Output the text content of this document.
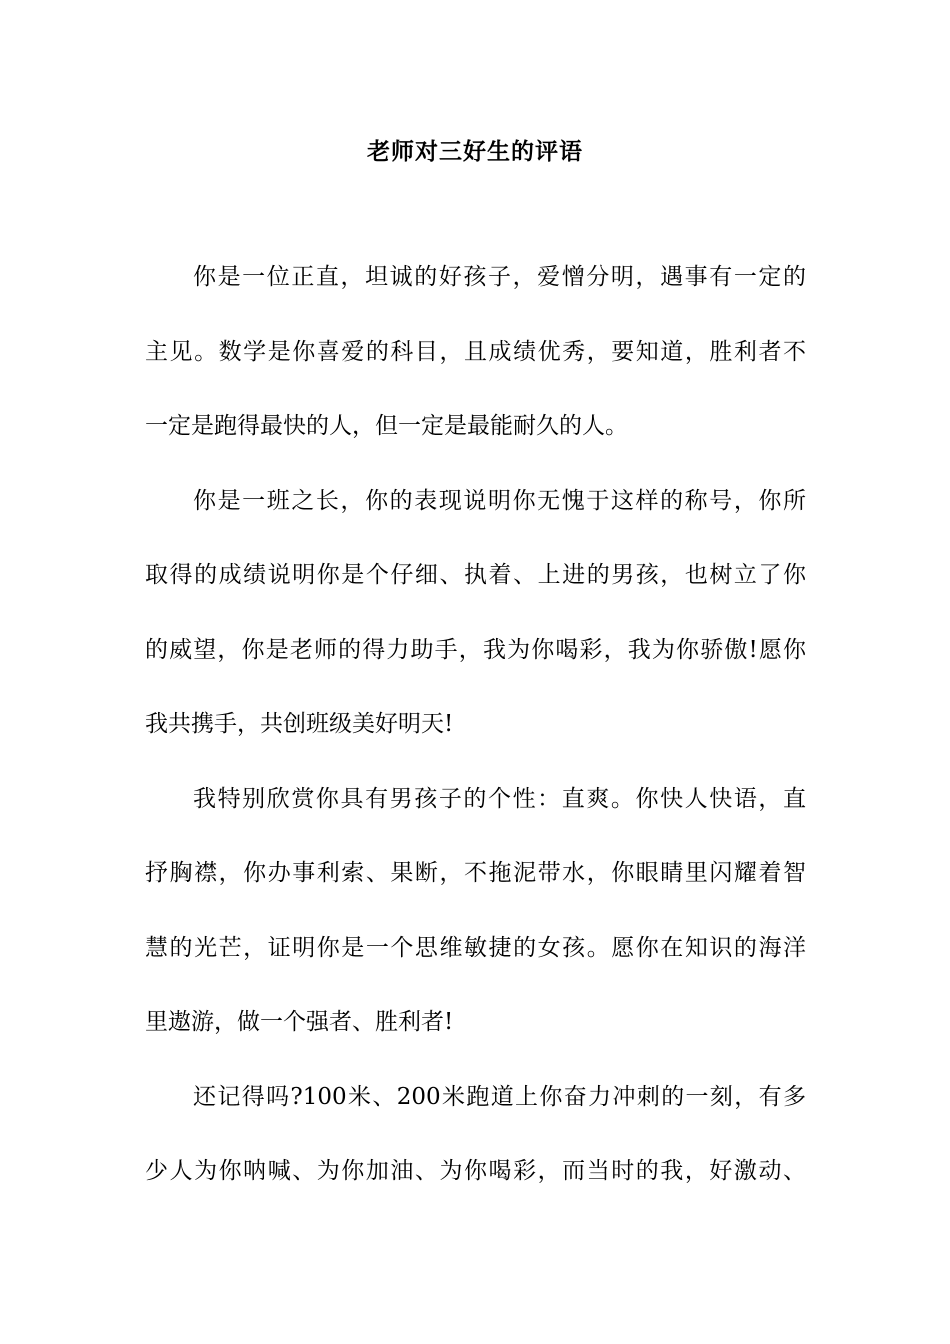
老师对三好生的评语
你是一位正直，坦诚的好孩子，爱憎分明，遇事有一定的
主见。数学是你喜爱的科目，且成绩优秀，要知道，胜利者不
一定是跑得最快的人，但一定是最能耐久的人。
你是一班之长，你的表现说明你无愧于这样的称号，你所
取得的成绩说明你是个仔细、执着、上进的男孩，也树立了你
的威望，你是老师的得力助手，我为你喝彩，我为你骄傲!愿你
我共携手，共创班级美好明天!
我特别欣赏你具有男孩子的个性：直爽。你快人快语，直
抒胸襟，你办事利索、果断，不拖泥带水，你眼睛里闪耀着智
慧的光芒，证明你是一个思维敏捷的女孩。愿你在知识的海洋
里遨游，做一个强者、胜利者!
还记得吗?100米、200米跑道上你奋力冲刺的一刻，有多
少人为你呐喊、为你加油、为你喝彩，而当时的我，好激动、
